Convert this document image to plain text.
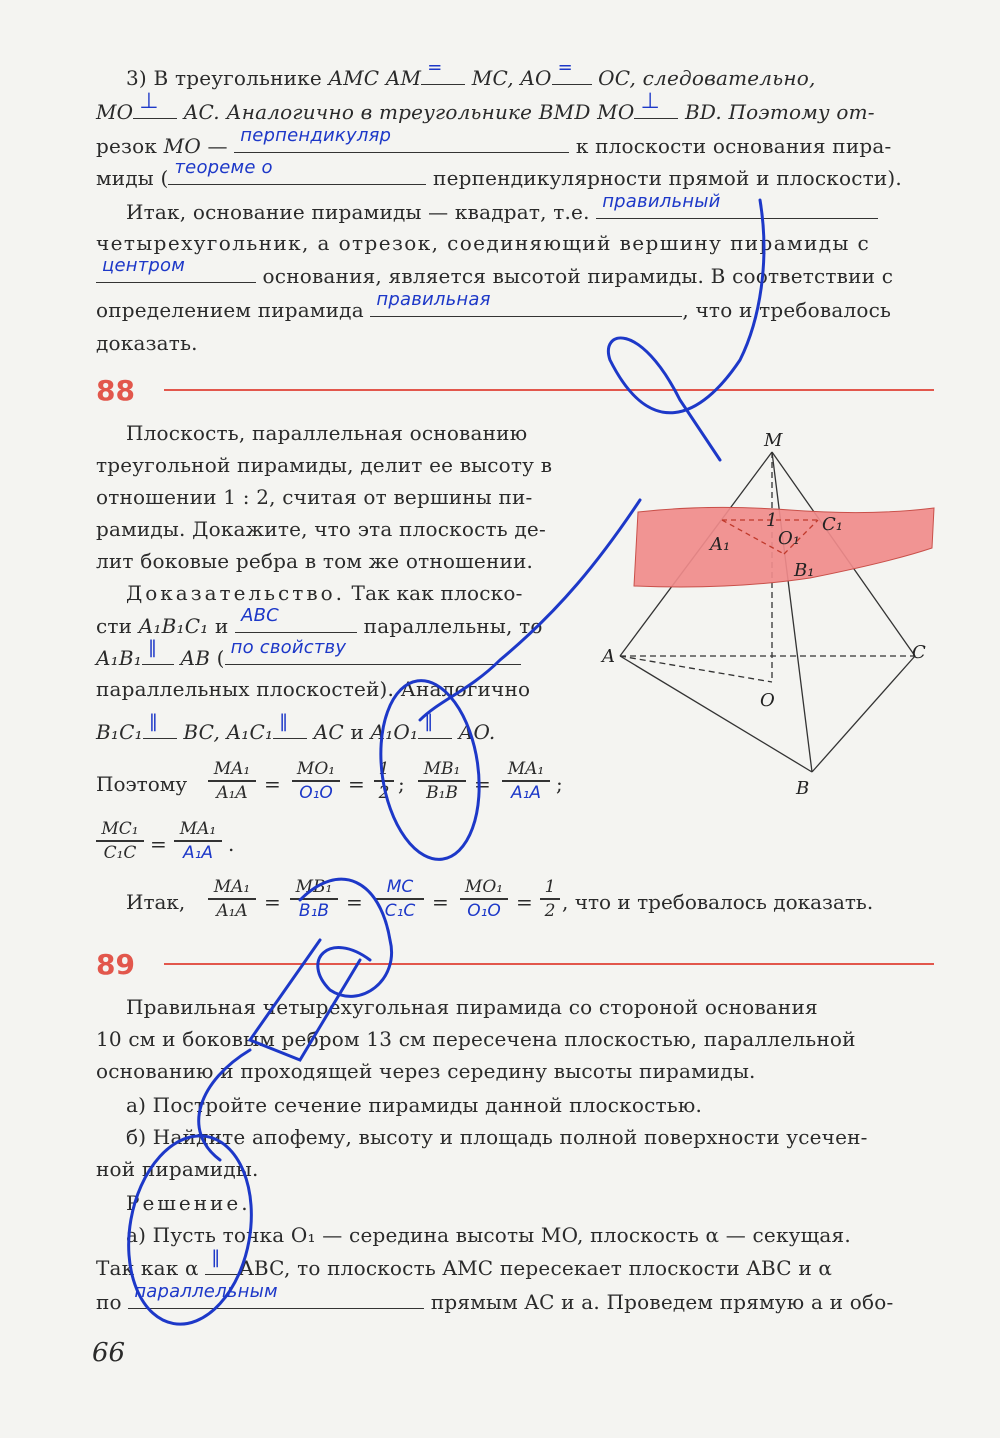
3) В треугольнике AMC AM = MC, AO = OC, следовательно,
MO ⊥ AC. Аналогично в треугольнике BMD MO ⊥ BD. Поэтому от-
резок MO — перпендикуляр	к плоскости основания пира-
миды ( теореме о	перпендикулярности прямой и плоскости).
Итак, основание пирамиды — квадрат, т.е. правильный
четырехугольник, а отрезок, соединяющий вершину пирамиды с
центром	основания, является высотой пирамиды. В соответствии с
определением пирамида правильная	, что и требовалось
доказать.
88
Плоскость, параллельная основанию
треугольной пирамиды, делит ее высоту в
отношении 1 : 2, считая от вершины пи-
рамиды. Докажите, что эта плоскость де-
лит боковые ребра в том же отношении.
Доказательство. Так как плоско-
сти A₁B₁C₁ и ABC	параллельны, то
A₁B₁ ‖ AB ( по свойству
параллельных плоскостей). Аналогично
B₁C₁ ‖ BC, A₁C₁ ‖ AC и A₁O₁ ‖ AO.
Поэтому
MA₁
A₁A =
MO₁
O₁O =
1
2 ;
MB₁
B₁B =
MA₁
A₁A ;
MC₁
C₁C =
MA₁
A₁A .
Итак,
MA₁
A₁A =
MB₁
B₁B =
MC
C₁C =
MO₁
O₁O =
1
2 , что и требовалось доказать.
M
A	C
B
O
A₁
C₁
B₁
O₁
1
89
Правильная четырехугольная пирамида со стороной основания
10 см и боковым ребром 13 см пересечена плоскостью, параллельной
основанию и проходящей через середину высоты пирамиды.
а) Постройте сечение пирамиды данной плоскостью.
б) Найдите апофему, высоту и площадь полной поверхности усечен-
ной пирамиды.
Решение.
а) Пусть точка O₁ — середина высоты MO, плоскость α — секущая.
Так как α ‖ ABC, то плоскость AMC пересекает плоскости ABC и α
по параллельным	прямым AC и a. Проведем прямую a и обо-
66
